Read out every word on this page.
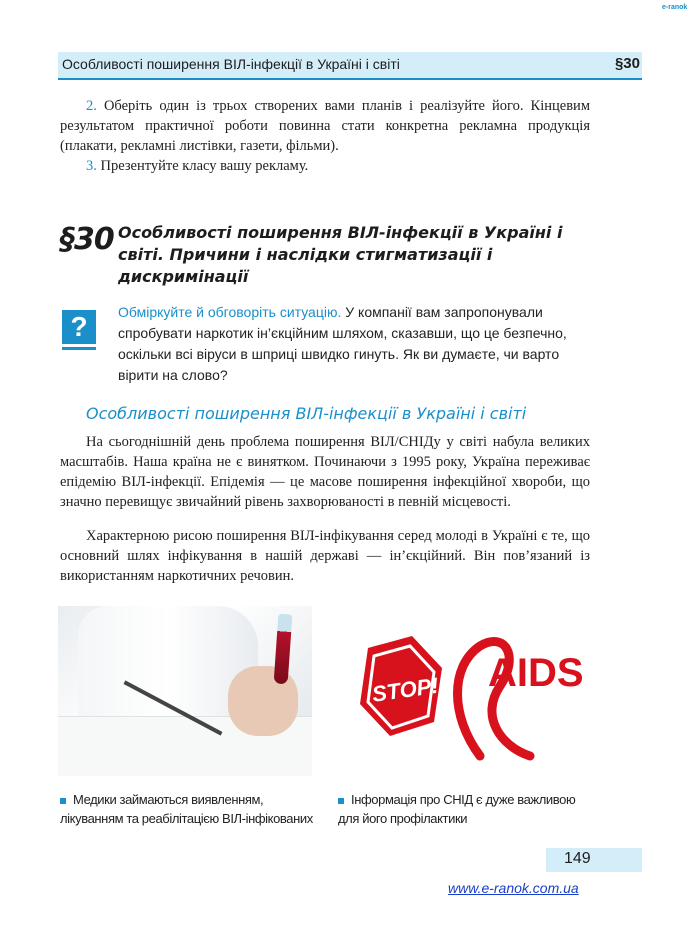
e-ranok
Особливості поширення ВІЛ-інфекції в Україні і світі	§30
2. Оберіть один із трьох створених вами планів і реалізуйте його. Кінцевим результатом практичної роботи повинна стати конкретна рекламна продукція (плакати, рекламні листівки, газети, фільми).
3. Презентуйте класу вашу рекламу.
§30 Особливості поширення ВІЛ-інфекції в Україні і світі. Причини і наслідки стигматизації і дискримінації
?	Обміркуйте й обговоріть ситуацію. У компанії вам запропонували спробувати наркотик ін’єкційним шляхом, сказавши, що це безпечно, оскільки всі віруси в шприці швидко гинуть. Як ви думаєте, чи варто вірити на слово?
Особливості поширення ВІЛ-інфекції в Україні і світі
На сьогоднішній день проблема поширення ВІЛ/СНІДу у світі набула великих масштабів. Наша країна не є винятком. Починаючи з 1995 року, Україна переживає епідемію ВІЛ-інфекції. Епідемія — це масове поширення інфекційної хвороби, що значно перевищує звичайний рівень захворюваності в певній місцевості.
Характерною рисою поширення ВІЛ-інфікування серед молоді в Україні є те, що основний шлях інфікування в нашій державі — ін’єкційний. Він пов’язаний із використанням наркотичних речовин.
STOP! AIDS
Медики займаються виявленням, лікуванням та реабілітацією ВІЛ-інфікованих
Інформація про СНІД є дуже важливою для його профілактики
149
www.e-ranok.com.ua
